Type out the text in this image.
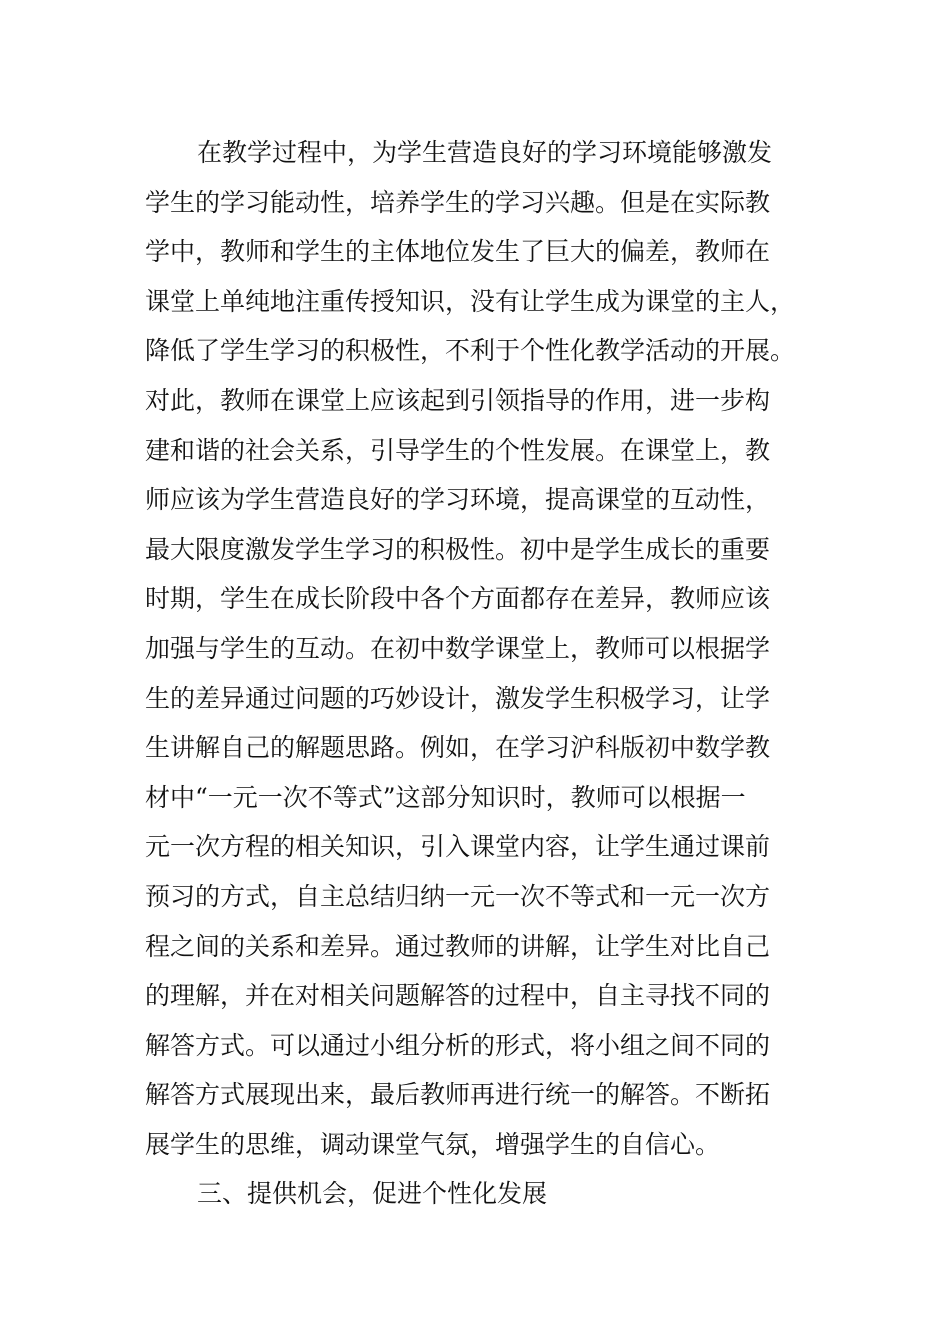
在教学过程中，为学生营造良好的学习环境能够激发
学生的学习能动性，培养学生的学习兴趣。但是在实际教
学中，教师和学生的主体地位发生了巨大的偏差，教师在
课堂上单纯地注重传授知识，没有让学生成为课堂的主人，
降低了学生学习的积极性，不利于个性化教学活动的开展。
对此，教师在课堂上应该起到引领指导的作用，进一步构
建和谐的社会关系，引导学生的个性发展。在课堂上，教
师应该为学生营造良好的学习环境，提高课堂的互动性，
最大限度激发学生学习的积极性。初中是学生成长的重要
时期，学生在成长阶段中各个方面都存在差异，教师应该
加强与学生的互动。在初中数学课堂上，教师可以根据学
生的差异通过问题的巧妙设计，激发学生积极学习，让学
生讲解自己的解题思路。例如，在学习沪科版初中数学教
材中“一元一次不等式”这部分知识时，教师可以根据一
元一次方程的相关知识，引入课堂内容，让学生通过课前
预习的方式，自主总结归纳一元一次不等式和一元一次方
程之间的关系和差异。通过教师的讲解，让学生对比自己
的理解，并在对相关问题解答的过程中，自主寻找不同的
解答方式。可以通过小组分析的形式，将小组之间不同的
解答方式展现出来，最后教师再进行统一的解答。不断拓
展学生的思维，调动课堂气氛，增强学生的自信心。
三、提供机会，促进个性化发展
